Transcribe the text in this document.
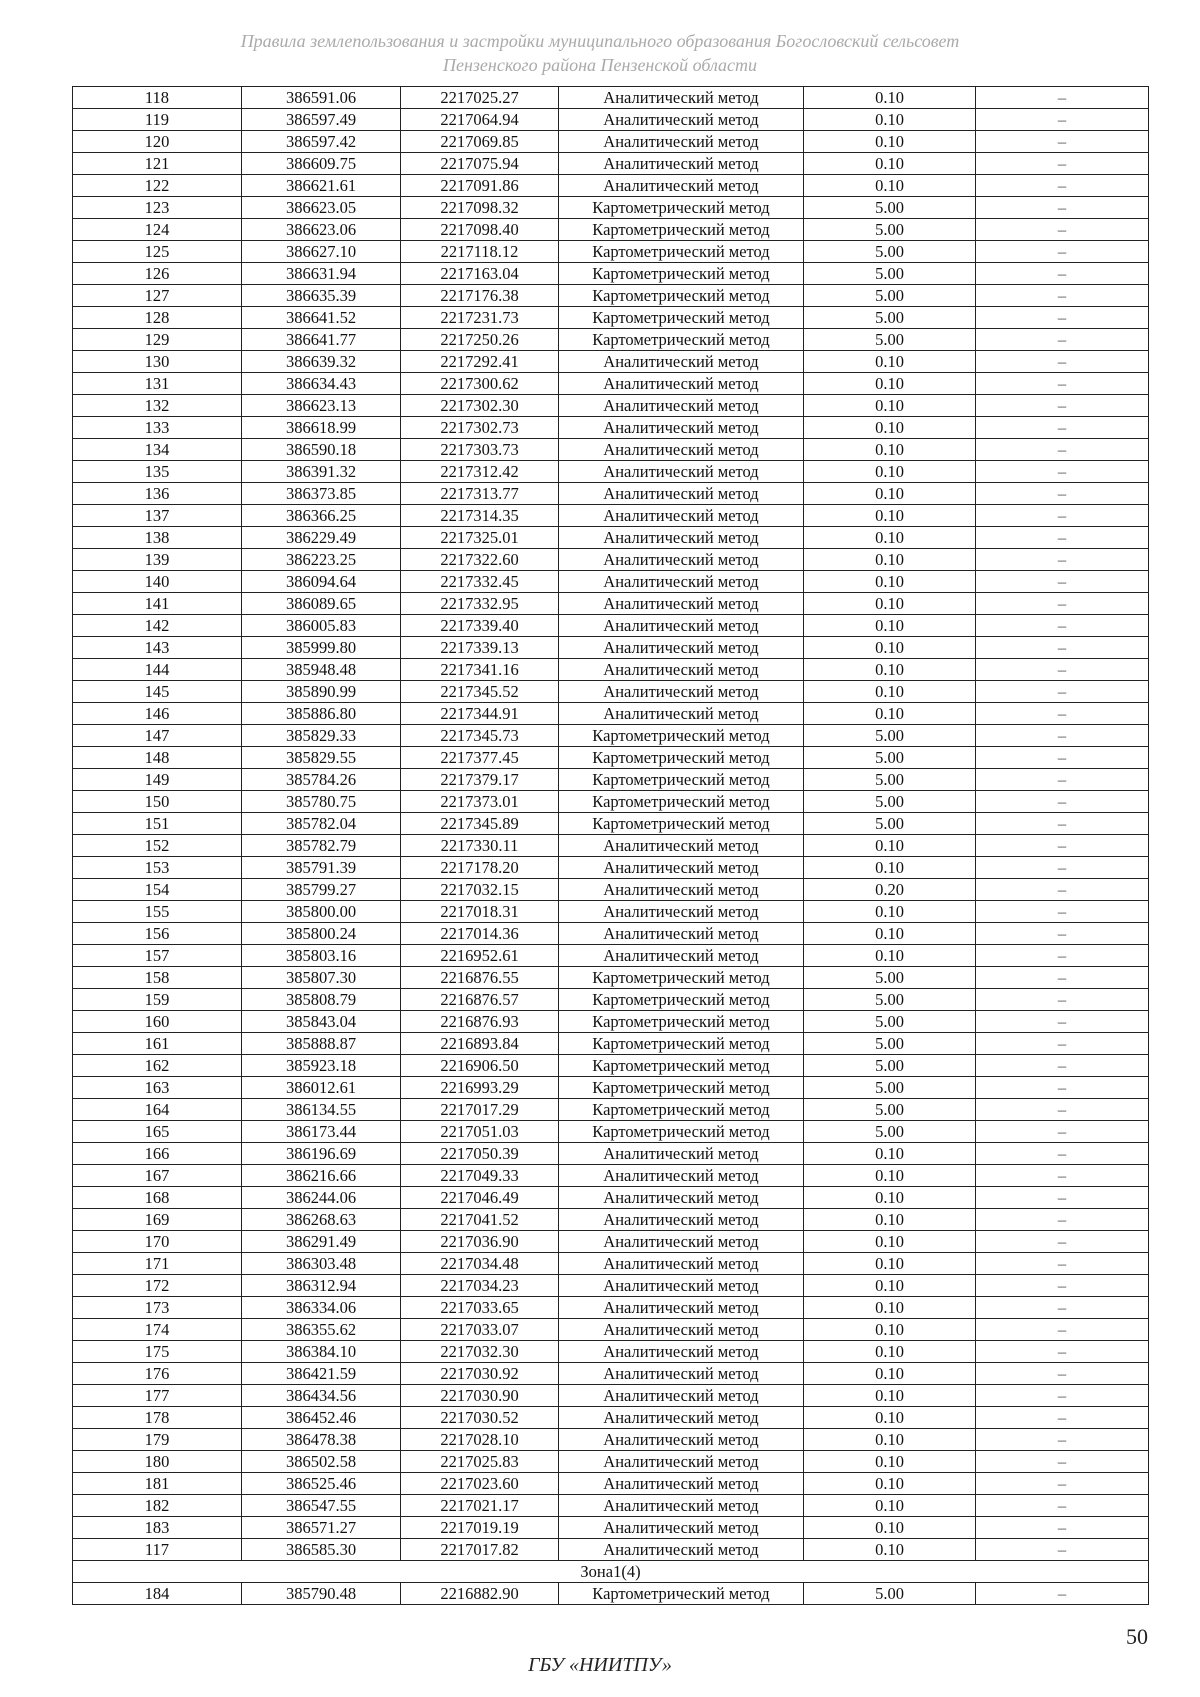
Правила землепользования и застройки муниципального образования Богословский сельсовет
Пензенского района Пензенской области
118	386591.06	2217025.27	Аналитический метод	0.10	–
119	386597.49	2217064.94	Аналитический метод	0.10	–
120	386597.42	2217069.85	Аналитический метод	0.10	–
121	386609.75	2217075.94	Аналитический метод	0.10	–
122	386621.61	2217091.86	Аналитический метод	0.10	–
123	386623.05	2217098.32	Картометрический метод	5.00	–
124	386623.06	2217098.40	Картометрический метод	5.00	–
125	386627.10	2217118.12	Картометрический метод	5.00	–
126	386631.94	2217163.04	Картометрический метод	5.00	–
127	386635.39	2217176.38	Картометрический метод	5.00	–
128	386641.52	2217231.73	Картометрический метод	5.00	–
129	386641.77	2217250.26	Картометрический метод	5.00	–
130	386639.32	2217292.41	Аналитический метод	0.10	–
131	386634.43	2217300.62	Аналитический метод	0.10	–
132	386623.13	2217302.30	Аналитический метод	0.10	–
133	386618.99	2217302.73	Аналитический метод	0.10	–
134	386590.18	2217303.73	Аналитический метод	0.10	–
135	386391.32	2217312.42	Аналитический метод	0.10	–
136	386373.85	2217313.77	Аналитический метод	0.10	–
137	386366.25	2217314.35	Аналитический метод	0.10	–
138	386229.49	2217325.01	Аналитический метод	0.10	–
139	386223.25	2217322.60	Аналитический метод	0.10	–
140	386094.64	2217332.45	Аналитический метод	0.10	–
141	386089.65	2217332.95	Аналитический метод	0.10	–
142	386005.83	2217339.40	Аналитический метод	0.10	–
143	385999.80	2217339.13	Аналитический метод	0.10	–
144	385948.48	2217341.16	Аналитический метод	0.10	–
145	385890.99	2217345.52	Аналитический метод	0.10	–
146	385886.80	2217344.91	Аналитический метод	0.10	–
147	385829.33	2217345.73	Картометрический метод	5.00	–
148	385829.55	2217377.45	Картометрический метод	5.00	–
149	385784.26	2217379.17	Картометрический метод	5.00	–
150	385780.75	2217373.01	Картометрический метод	5.00	–
151	385782.04	2217345.89	Картометрический метод	5.00	–
152	385782.79	2217330.11	Аналитический метод	0.10	–
153	385791.39	2217178.20	Аналитический метод	0.10	–
154	385799.27	2217032.15	Аналитический метод	0.20	–
155	385800.00	2217018.31	Аналитический метод	0.10	–
156	385800.24	2217014.36	Аналитический метод	0.10	–
157	385803.16	2216952.61	Аналитический метод	0.10	–
158	385807.30	2216876.55	Картометрический метод	5.00	–
159	385808.79	2216876.57	Картометрический метод	5.00	–
160	385843.04	2216876.93	Картометрический метод	5.00	–
161	385888.87	2216893.84	Картометрический метод	5.00	–
162	385923.18	2216906.50	Картометрический метод	5.00	–
163	386012.61	2216993.29	Картометрический метод	5.00	–
164	386134.55	2217017.29	Картометрический метод	5.00	–
165	386173.44	2217051.03	Картометрический метод	5.00	–
166	386196.69	2217050.39	Аналитический метод	0.10	–
167	386216.66	2217049.33	Аналитический метод	0.10	–
168	386244.06	2217046.49	Аналитический метод	0.10	–
169	386268.63	2217041.52	Аналитический метод	0.10	–
170	386291.49	2217036.90	Аналитический метод	0.10	–
171	386303.48	2217034.48	Аналитический метод	0.10	–
172	386312.94	2217034.23	Аналитический метод	0.10	–
173	386334.06	2217033.65	Аналитический метод	0.10	–
174	386355.62	2217033.07	Аналитический метод	0.10	–
175	386384.10	2217032.30	Аналитический метод	0.10	–
176	386421.59	2217030.92	Аналитический метод	0.10	–
177	386434.56	2217030.90	Аналитический метод	0.10	–
178	386452.46	2217030.52	Аналитический метод	0.10	–
179	386478.38	2217028.10	Аналитический метод	0.10	–
180	386502.58	2217025.83	Аналитический метод	0.10	–
181	386525.46	2217023.60	Аналитический метод	0.10	–
182	386547.55	2217021.17	Аналитический метод	0.10	–
183	386571.27	2217019.19	Аналитический метод	0.10	–
117	386585.30	2217017.82	Аналитический метод	0.10	–
Зона1(4)					
184	385790.48	2216882.90	Картометрический метод	5.00	–
50
ГБУ «НИИТПУ»
